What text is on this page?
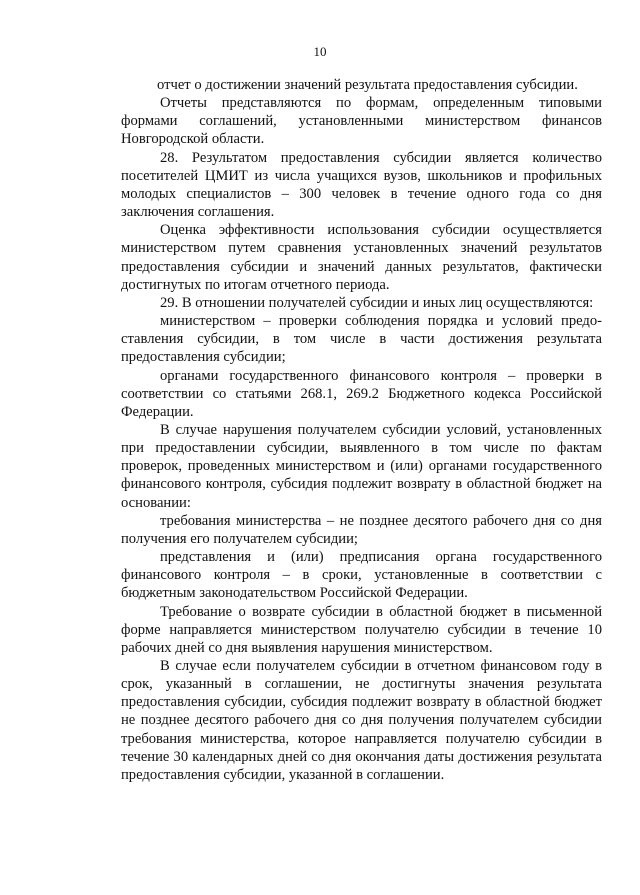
10

отчет о достижении значений результата предоставления субсидии.

Отчеты представляются по формам, определенным типовыми формами соглашений, установленными министерством финансов Новгородской области.

28. Результатом предоставления субсидии является количество посетителей ЦМИТ из числа учащихся вузов, школьников и профильных молодых специалистов – 300 человек в течение одного года со дня заключения соглашения.

Оценка эффективности использования субсидии осуществляется министерством путем сравнения установленных значений результатов предоставления субсидии и значений данных результатов, фактически достигнутых по итогам отчетного периода.

29. В отношении получателей субсидии и иных лиц осуществляются:

министерством – проверки соблюдения порядка и условий предоставления субсидии, в том числе в части достижения результата предоставления субсидии;

органами государственного финансового контроля – проверки в соответствии со статьями 268.1, 269.2 Бюджетного кодекса Российской Федерации.

В случае нарушения получателем субсидии условий, установленных при предоставлении субсидии, выявленного в том числе по фактам проверок, проведенных министерством и (или) органами государственного финансового контроля, субсидия подлежит возврату в областной бюджет на основании:

требования министерства – не позднее десятого рабочего дня со дня получения его получателем субсидии;

представления и (или) предписания органа государственного финансового контроля – в сроки, установленные в соответствии с бюджетным законодательством Российской Федерации.

Требование о возврате субсидии в областной бюджет в письменной форме направляется министерством получателю субсидии в течение 10 рабочих дней со дня выявления нарушения министерством.

В случае если получателем субсидии в отчетном финансовом году в срок, указанный в соглашении, не достигнуты значения результата предоставления субсидии, субсидия подлежит возврату в областной бюджет не позднее десятого рабочего дня со дня получения получателем субсидии требования министерства, которое направляется получателю субсидии в течение 30 календарных дней со дня окончания даты достижения результата предоставления субсидии, указанной в соглашении.
